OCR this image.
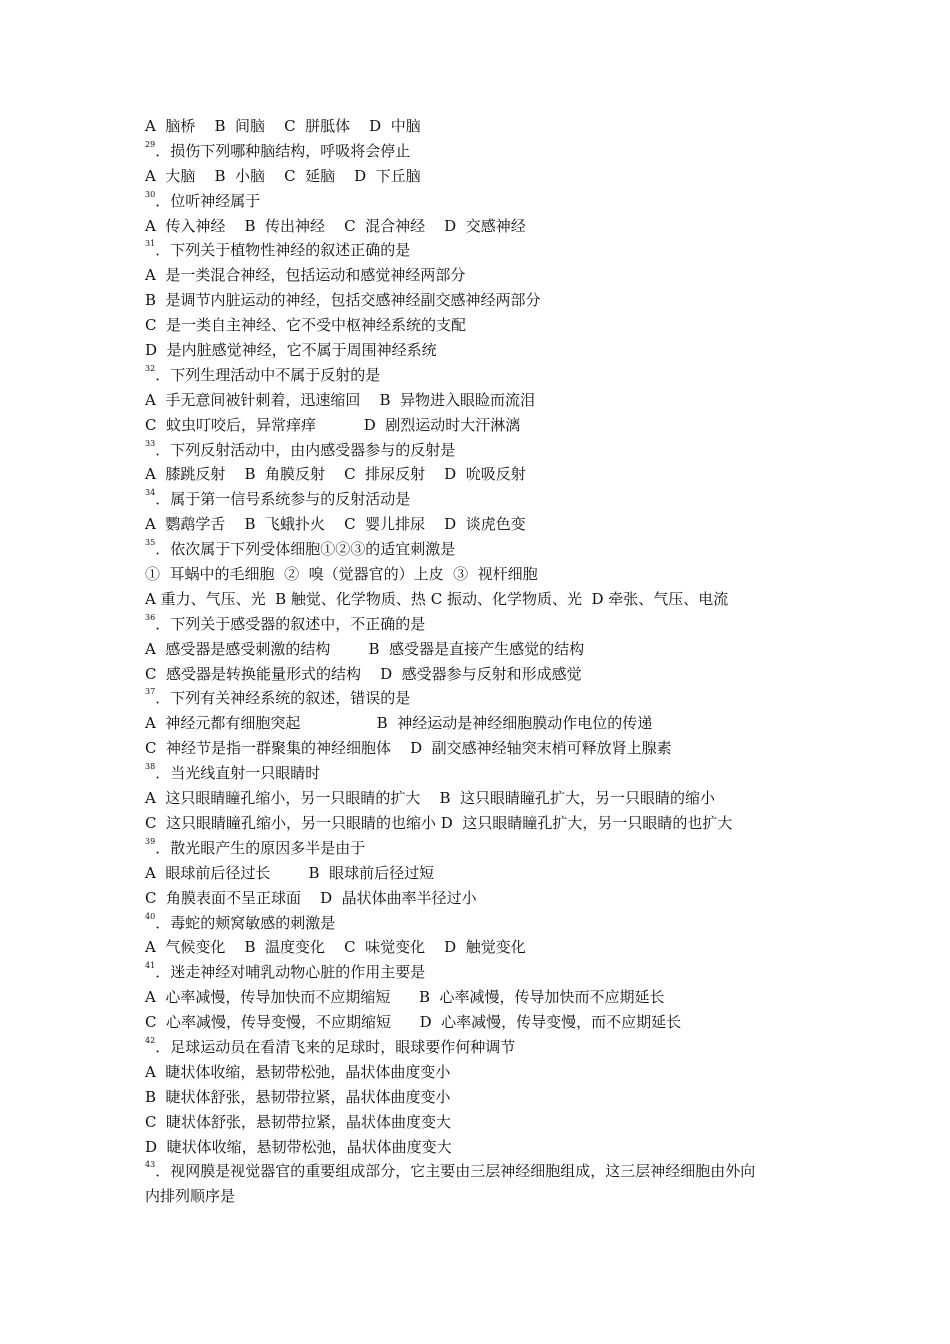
A  脑桥    B  间脑    C  胼胝体    D  中脑
$^{29}$．损伤下列哪种脑结构，呼吸将会停止
A  大脑    B  小脑    C  延脑    D  下丘脑
$^{30}$．位听神经属于
A  传入神经    B  传出神经    C  混合神经    D  交感神经
$^{31}$．下列关于植物性神经的叙述正确的是
A  是一类混合神经，包括运动和感觉神经两部分
B  是调节内脏运动的神经，包括交感神经副交感神经两部分
C  是一类自主神经、它不受中枢神经系统的支配
D  是内脏感觉神经，它不属于周围神经系统
$^{32}$．下列生理活动中不属于反射的是
A  手无意间被针刺着，迅速缩回    B  异物进入眼睑而流泪
C  蚊虫叮咬后，异常痒痒          D  剧烈运动时大汗淋漓
$^{33}$．下列反射活动中，由内感受器参与的反射是
A  膝跳反射    B  角膜反射    C  排尿反射    D  吮吸反射
$^{34}$．属于第一信号系统参与的反射活动是
A  鹦鹉学舌    B  飞蛾扑火    C  婴儿排尿    D  谈虎色变
$^{35}$．依次属于下列受体细胞①②③的适宜刺激是
①  耳蜗中的毛细胞  ②  嗅（觉器官的）上皮  ③  视杆细胞
A 重力、气压、光  B 触觉、化学物质、热 C 振动、化学物质、光  D 牵张、气压、电流
$^{36}$．下列关于感受器的叙述中，不正确的是
A  感受器是感受刺激的结构        B  感受器是直接产生感觉的结构
C  感受器是转换能量形式的结构    D  感受器参与反射和形成感觉
$^{37}$．下列有关神经系统的叙述，错误的是
A  神经元都有细胞突起                B  神经运动是神经细胞膜动作电位的传递
C  神经节是指一群聚集的神经细胞体    D  副交感神经轴突末梢可释放肾上腺素
$^{38}$．当光线直射一只眼睛时
A  这只眼睛瞳孔缩小，另一只眼睛的扩大    B  这只眼睛瞳孔扩大，另一只眼睛的缩小
C  这只眼睛瞳孔缩小，另一只眼睛的也缩小 D  这只眼睛瞳孔扩大，另一只眼睛的也扩大
$^{39}$．散光眼产生的原因多半是由于
A  眼球前后径过长        B  眼球前后径过短
C  角膜表面不呈正球面    D  晶状体曲率半径过小
$^{40}$．毒蛇的颊窝敏感的刺激是
A  气候变化    B  温度变化    C  味觉变化    D  触觉变化
$^{41}$．迷走神经对哺乳动物心脏的作用主要是
A  心率减慢，传导加快而不应期缩短      B  心率减慢，传导加快而不应期延长
C  心率减慢，传导变慢，不应期缩短      D  心率减慢，传导变慢，而不应期延长
$^{42}$．足球运动员在看清飞来的足球时，眼球要作何种调节
A  睫状体收缩，悬韧带松弛，晶状体曲度变小
B  睫状体舒张，悬韧带拉紧，晶状体曲度变小
C  睫状体舒张，悬韧带拉紧，晶状体曲度变大
D  睫状体收缩，悬韧带松弛，晶状体曲度变大
$^{43}$．视网膜是视觉器官的重要组成部分，它主要由三层神经细胞组成，这三层神经细胞由外向
内排列顺序是
